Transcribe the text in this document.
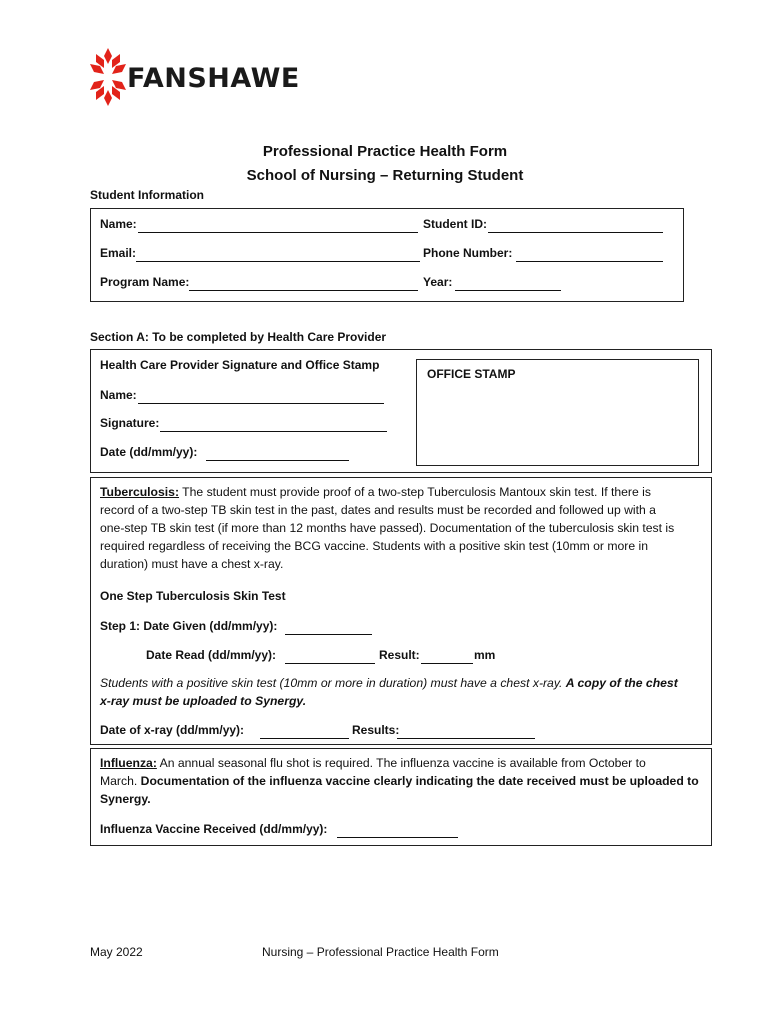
FANSHAWE
Professional Practice Health Form
School of Nursing – Returning Student
Student Information
Name:	Student ID:
Email:	Phone Number:
Program Name:	Year:
Section A: To be completed by Health Care Provider
Health Care Provider Signature and Office Stamp
OFFICE STAMP
Name:
Signature:
Date (dd/mm/yy):
Tuberculosis: The student must provide proof of a two-step Tuberculosis Mantoux skin test. If there is
record of a two-step TB skin test in the past, dates and results must be recorded and followed up with a
one-step TB skin test (if more than 12 months have passed). Documentation of the tuberculosis skin test is
required regardless of receiving the BCG vaccine. Students with a positive skin test (10mm or more in
duration) must have a chest x-ray.
One Step Tuberculosis Skin Test
Step 1: Date Given (dd/mm/yy):
Date Read (dd/mm/yy):	Result:	mm
Students with a positive skin test (10mm or more in duration) must have a chest x-ray. A copy of the chest
x-ray must be uploaded to Synergy.
Date of x-ray (dd/mm/yy):	Results:
Influenza: An annual seasonal flu shot is required. The influenza vaccine is available from October to
March. Documentation of the influenza vaccine clearly indicating the date received must be uploaded to
Synergy.
Influenza Vaccine Received (dd/mm/yy):
May 2022	Nursing – Professional Practice Health Form
